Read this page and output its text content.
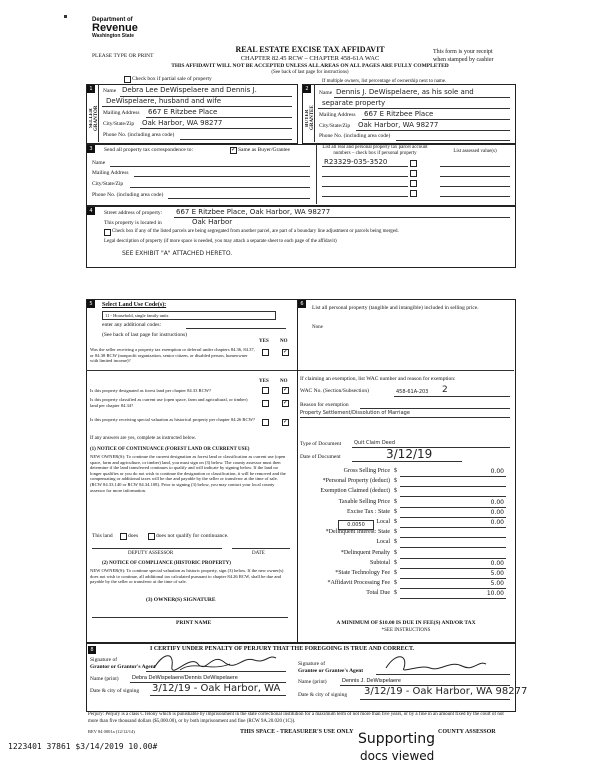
Department of
Revenue
Washington State
PLEASE TYPE OR PRINT
REAL ESTATE EXCISE TAX AFFIDAVIT
CHAPTER 82.45 RCW – CHAPTER 458-61A WAC
THIS AFFIDAVIT WILL NOT BE ACCEPTED UNLESS ALL AREAS ON ALL PAGES ARE FULLY COMPLETED
(See back of last page for instructions)
This form is your receipt
when stamped by cashier
Check box if partial sale of property	If multiple owners, list percentage of ownership next to name.
1
SELLER GRANTOR
Name Debra Lee DeWispelaere and Dennis J.
DeWispelaere, husband and wife
Mailing Address 667 E Ritzbee Place
City/State/Zip Oak Harbor, WA 98277
Phone No. (including area code)
2
BUYER GRANTEE
Name Dennis J. DeWispelaere, as his sole and
separate property
Mailing Address 667 E Ritzbee Place
City/State/Zip Oak Harbor, WA 98277
Phone No. (including area code)
3	Send all property tax correspondence to:	✓ Same as Buyer/Grantee	List all real and personal property tax parcel account numbers – check box if personal property	List assessed value(s)
Name
Mailing Address
City/State/Zip
Phone No. (including area code)
R23329-035-3520
4	Street address of property: 667 E Ritzbee Place, Oak Harbor, WA 98277
This property is located in	Oak Harbor
Check box if any of the listed parcels are being segregated from another parcel, are part of a boundary line adjustment or parcels being merged.
Legal description of property (if more space is needed, you may attach a separate sheet to each page of the affidavit)
SEE EXHIBIT "A" ATTACHED HERETO.
5	Select Land Use Code(s):
11 - Household, single family units
enter any additional codes:
(See back of last page for instructions)
YES NO
Was the seller receiving a property tax exemption or deferral under chapters 84.36, 84.37, or 84.38 RCW (nonprofit organization, senior citizen, or disabled person, homeowner with limited income)?
✓
YES NO
Is this property designated as forest land per chapter 84.33 RCW?	✓
Is this property classified as current use (open space, farm and agricultural, or timber) land per chapter 84.34?	✓
Is this property receiving special valuation as historical property per chapter 84.26 RCW?	✓
If any answers are yes, complete as instructed below.
(1) NOTICE OF CONTINUANCE (FOREST LAND OR CURRENT USE)
NEW OWNER(S): To continue the current designation as forest land or classification as current use (open space, farm and agriculture, or timber) land, you must sign on (3) below. The county assessor must then determine if the land transferred continues to qualify and will indicate by signing below. If the land no longer qualifies or you do not wish to continue the designation or classification, it will be removed and the compensating or additional taxes will be due and payable by the seller or transferor at the time of sale. (RCW 84.33.140 or RCW 84.34.108). Prior to signing (3) below, you may contact your local county assessor for more information.
This land	does	does not qualify for continuance.
DEPUTY ASSESSOR	DATE
(2) NOTICE OF COMPLIANCE (HISTORIC PROPERTY)
NEW OWNER(S): To continue special valuation as historic property, sign (3) below. If the new owner(s) does not wish to continue, all additional tax calculated pursuant to chapter 84.26 RCW, shall be due and payable by the seller or transferor at the time of sale.
(3) OWNER(S) SIGNATURE
PRINT NAME
6
List all personal property (tangible and intangible) included in selling price.
None
If claiming an exemption, list WAC number and reason for exemption:
WAC No. (Section/Subsection)	458-61A-203 2
Reason for exemption
Property Settlement/Dissolution of Marriage
Type of Document	Quit Claim Deed
Date of Document	3/12/19
Gross Selling Price $	0.00
*Personal Property (deduct) $
Exemption Claimed (deduct) $
Taxable Selling Price $	0.00
Excise Tax : State $	0.00
Local $	0.00
*Delinquent Interest: State $
Local $
*Delinquent Penalty $
Subtotal $	0.00
*State Technology Fee $	5.00
*Affidavit Processing Fee $	5.00
Total Due $	10.00
0.0050
A MINIMUM OF $10.00 IS DUE IN FEE(S) AND/OR TAX
*SEE INSTRUCTIONS
8	I CERTIFY UNDER PENALTY OF PERJURY THAT THE FOREGOING IS TRUE AND CORRECT.
Signature of
Grantor or Grantor's Agent	Signature of
Grantee or Grantee's Agent
Name (print) Debra DeWispelaere/Dennis DeWispelaere
Name (print)	Dennis J. DeWispelaere
Date & city of signing 3/12/19 - Oak Harbor, WA
Date & city of signing 3/12/19 - Oak Harbor, WA 98277
Perjury: Perjury is a class C felony which is punishable by imprisonment in the state correctional institution for a maximum term of not more than five years, or by a fine in an amount fixed by the court of not more than five thousand dollars ($5,000.00), or by both imprisonment and fine (RCW 9A.20.020 (1C)).
REV 84 0001a (12/12/14)	THIS SPACE - TREASURER'S USE ONLY	COUNTY ASSESSOR
1223401 37861 $3/14/2019 10.00#	Supporting
docs viewed
